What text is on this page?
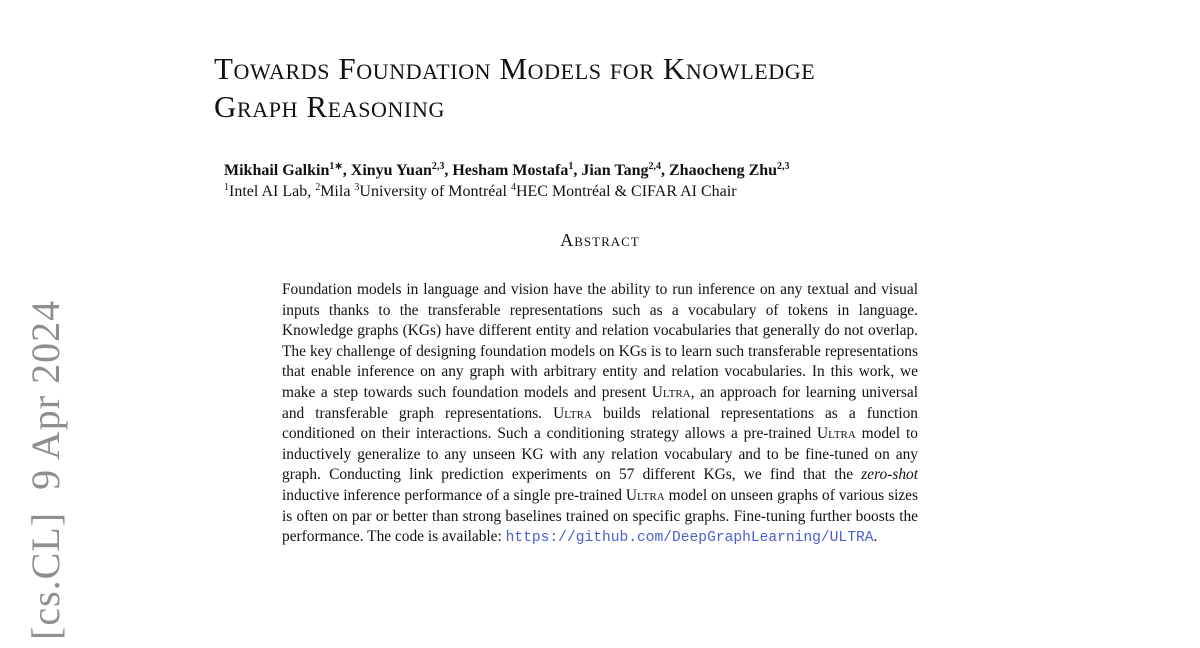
[cs.CL]  9 Apr 2024
Towards Foundation Models for Knowledge
Graph Reasoning
Mikhail Galkin$^{1∗}$, Xinyu Yuan$^{2,3}$, Hesham Mostafa$^1$, Jian Tang$^{2,4}$, Zhaocheng Zhu$^{2,3}$
$^1$Intel AI Lab, $^2$Mila $^3$University of Montréal $^4$HEC Montréal & CIFAR AI Chair
Abstract

Foundation models in language and vision have the ability to run inference on any textual and visual inputs thanks to the transferable representations such as a vocabulary of tokens in language. Knowledge graphs (KGs) have different entity and relation vocabularies that generally do not overlap. The key challenge of designing foundation models on KGs is to learn such transferable representations that enable inference on any graph with arbitrary entity and relation vocabularies. In this work, we make a step towards such foundation models and present Ultra, an approach for learning universal and transferable graph representations. Ultra builds relational representations as a function conditioned on their interactions. Such a conditioning strategy allows a pre-trained Ultra model to inductively generalize to any unseen KG with any relation vocabulary and to be fine-tuned on any graph. Conducting link prediction experiments on 57 different KGs, we find that the zero-shot inductive inference performance of a single pre-trained Ultra model on unseen graphs of various sizes is often on par or better than strong baselines trained on specific graphs. Fine-tuning further boosts the performance. The code is available: https://github.com/DeepGraphLearning/ULTRA.
